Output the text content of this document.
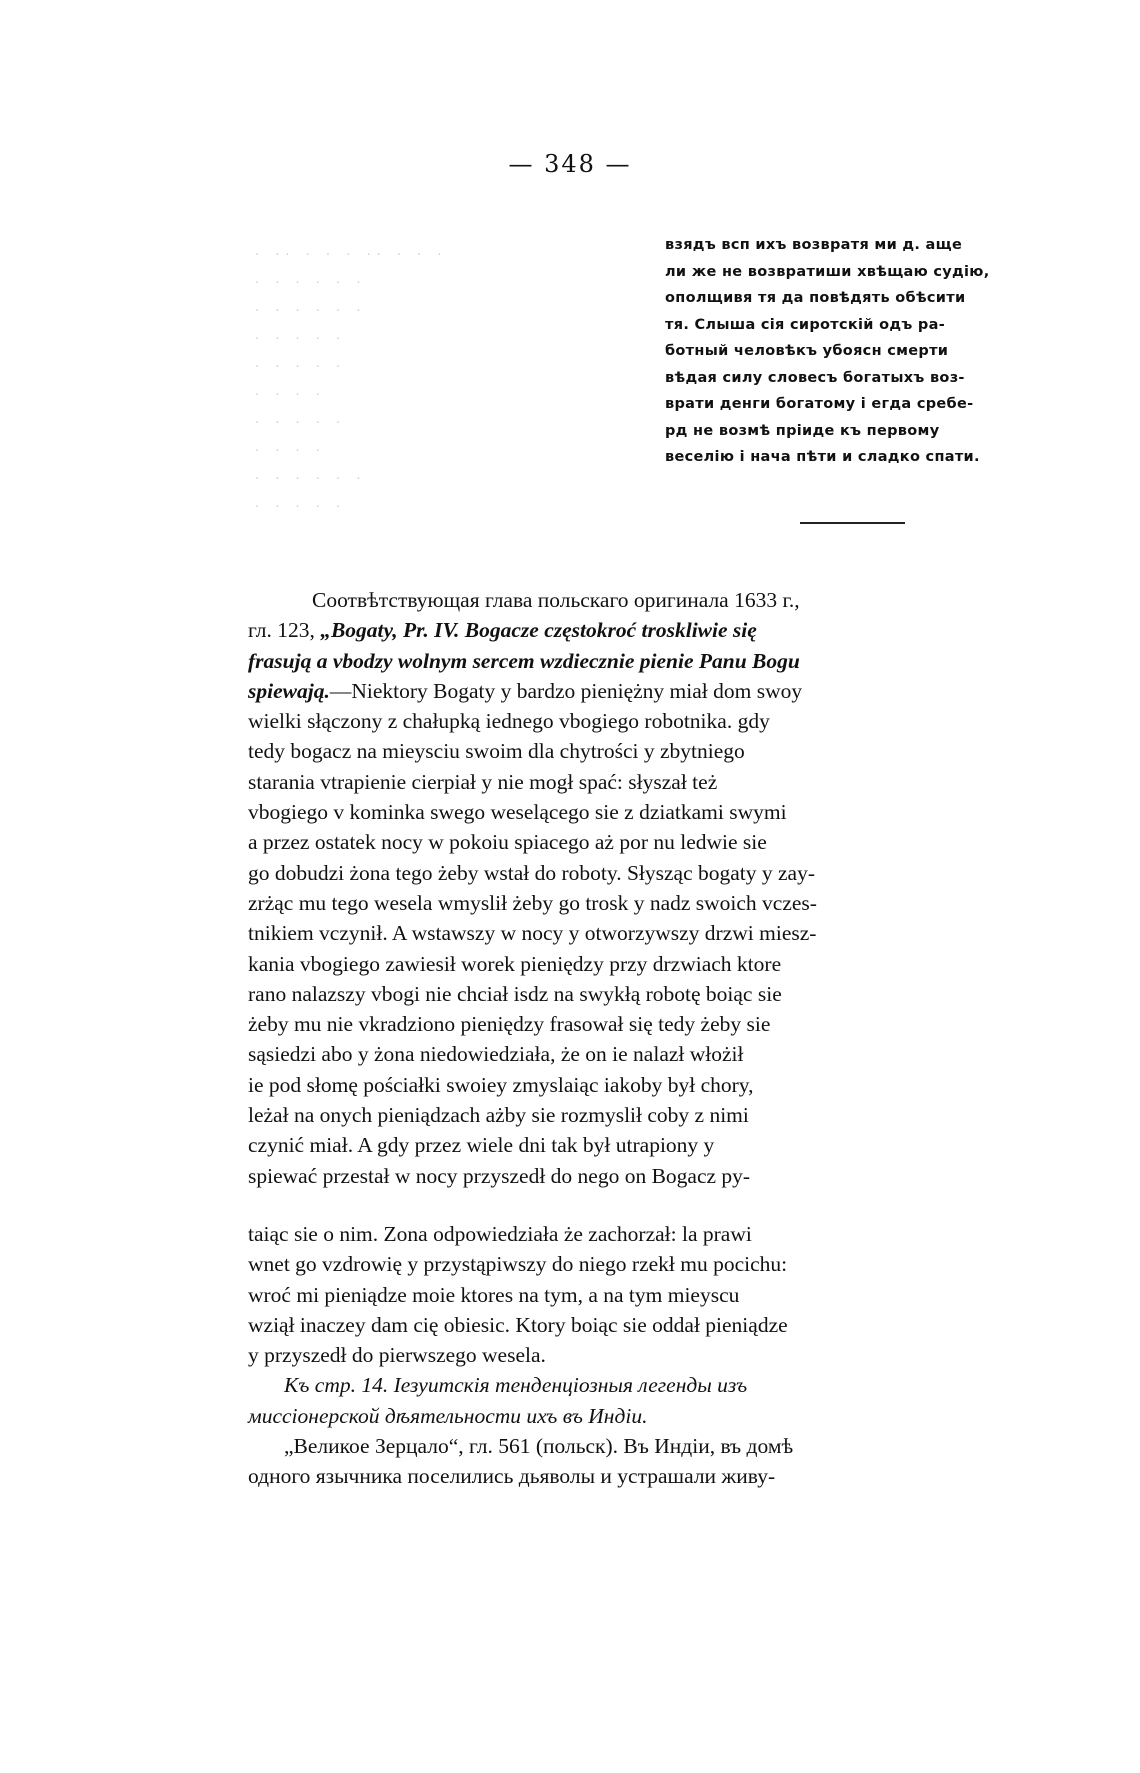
— 348 —
. .. . . . .. . . .
. . . . . .
. . . . . .
. . . . .
. . . . .
. . . .
. . . . .
. . . .
. . . . . .
. . . . .
взядъ всп ихъ возвратя ми д. аще
ли же не возвратиши хвѣщаю судію,
ополщивя тя да повѣдять обѣсити
тя. Слыша сія сиротскій одъ ра-
ботный человѣкъ убоясн смерти
вѣдая силу словесъ богатыхъ воз-
врати денги богатому і егда сребе-
рд не возмѣ пріиде къ первому
веселію і нача пѣти и сладко спати.
Соотвѣтствующая глава польскаго оригинала 1633 г.,
гл. 123, „Bogaty, Pr. IV. Bogacze częstokroć troskliwie się
frasują a vbodzy wolnym sercem wzdiecznie pienie Panu Bogu
spiewają.—Niektory Bogaty y bardzo pieniężny miał dom swoy
wielki słączony z chałupką iednego vbogiego robotnika. gdy
tedy bogacz na mieysciu swoim dla chytrości y zbytniego
starania vtrapienie cierpiał y nie mogł spać: słyszał też
vbogiego v kominka swego weselącego sie z dziatkami swymi
a przez ostatek nocy w pokoiu spiacego aż por nu ledwie sie
go dobudzi żona tego żeby wstał do roboty. Słysząc bogaty y zay-
zrżąc mu tego wesela wmyslił żeby go trosk y nadz swoich vczes-
tnikiem vczynił. A wstawszy w nocy y otworzywszy drzwi miesz-
kania vbogiego zawiesił worek pieniędzy przy drzwiach ktore
rano nalazszy vbogi nie chciał isdz na swykłą robotę boiąc sie
żeby mu nie vkradziono pieniędzy frasował się tedy żeby sie
sąsiedzi abo y żona niedowiedziała, że on ie nalazł włożił
ie pod słomę pościałki swoiey zmyslaiąc iakoby był chory,
leżał na onych pieniądzach ażby sie rozmyslił coby z nimi
czynić miał. A gdy przez wiele dni tak był utrapiony y
spiewać przestał w nocy przyszedł do nego on Bogacz py-
taiąc sie o nim. Zona odpowiedziała że zachorzał: la prawi
wnet go vzdrowię y przystąpiwszy do niego rzekł mu pocichu:
wroć mi pieniądze moie ktores na tym, a na tym mieyscu
wziął inaczey dam cię obiesic. Ktory boiąc sie oddał pieniądze
y przyszedł do pierwszego wesela.
Къ стр. 14. Іезуитскія тенденціозныя легенды изъ
миссіонерской дѣятельности ихъ въ Индіи.
„Великое Зерцало“, гл. 561 (польск). Въ Индіи, въ домѣ
одного язычника поселились дьяволы и устрашали живу-
